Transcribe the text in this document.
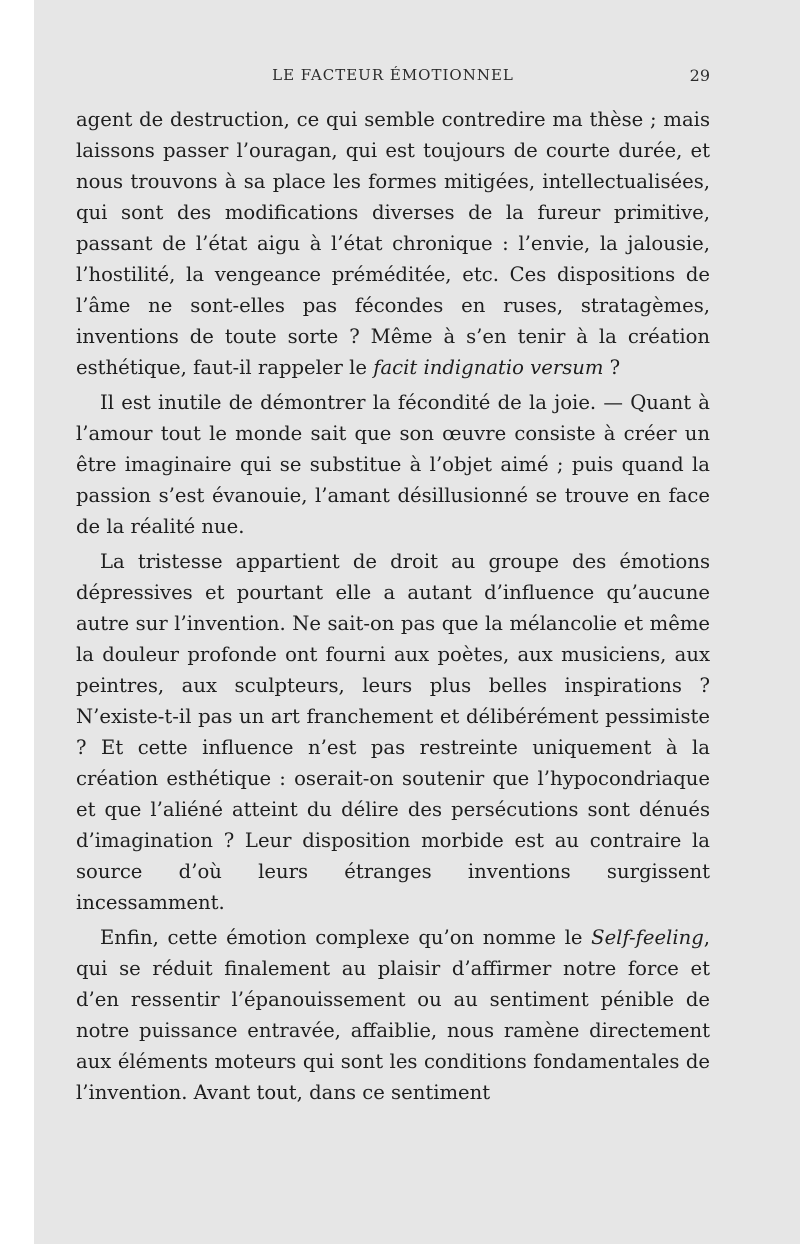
LE FACTEUR ÉMOTIONNEL	29

agent de destruction, ce qui semble contredire ma thèse ; mais laissons passer l’ouragan, qui est toujours de courte durée, et nous trouvons à sa place les formes mitigées, intellectualisées, qui sont des modifications diverses de la fureur primitive, passant de l’état aigu à l’état chronique : l’envie, la jalousie, l’hostilité, la vengeance préméditée, etc. Ces dispositions de l’âme ne sont-elles pas fécondes en ruses, stratagèmes, inventions de toute sorte ? Même à s’en tenir à la création esthétique, faut-il rappeler le facit indignatio versum ?

Il est inutile de démontrer la fécondité de la joie. — Quant à l’amour tout le monde sait que son œuvre consiste à créer un être imaginaire qui se substitue à l’objet aimé ; puis quand la passion s’est évanouie, l’amant désillusionné se trouve en face de la réalité nue.

La tristesse appartient de droit au groupe des émotions dépressives et pourtant elle a autant d’influence qu’aucune autre sur l’invention. Ne sait-on pas que la mélancolie et même la douleur profonde ont fourni aux poètes, aux musiciens, aux peintres, aux sculpteurs, leurs plus belles inspirations ? N’existe-t-il pas un art franchement et délibérément pessimiste ? Et cette influence n’est pas restreinte uniquement à la création esthétique : oserait-on soutenir que l’hypocondriaque et que l’aliéné atteint du délire des persécutions sont dénués d’imagination ? Leur disposition morbide est au contraire la source d’où leurs étranges inventions surgissent incessamment.

Enfin, cette émotion complexe qu’on nomme le Self-feeling, qui se réduit finalement au plaisir d’affirmer notre force et d’en ressentir l’épanouissement ou au sentiment pénible de notre puissance entravée, affaiblie, nous ramène directement aux éléments moteurs qui sont les conditions fondamentales de l’invention. Avant tout, dans ce sentiment
